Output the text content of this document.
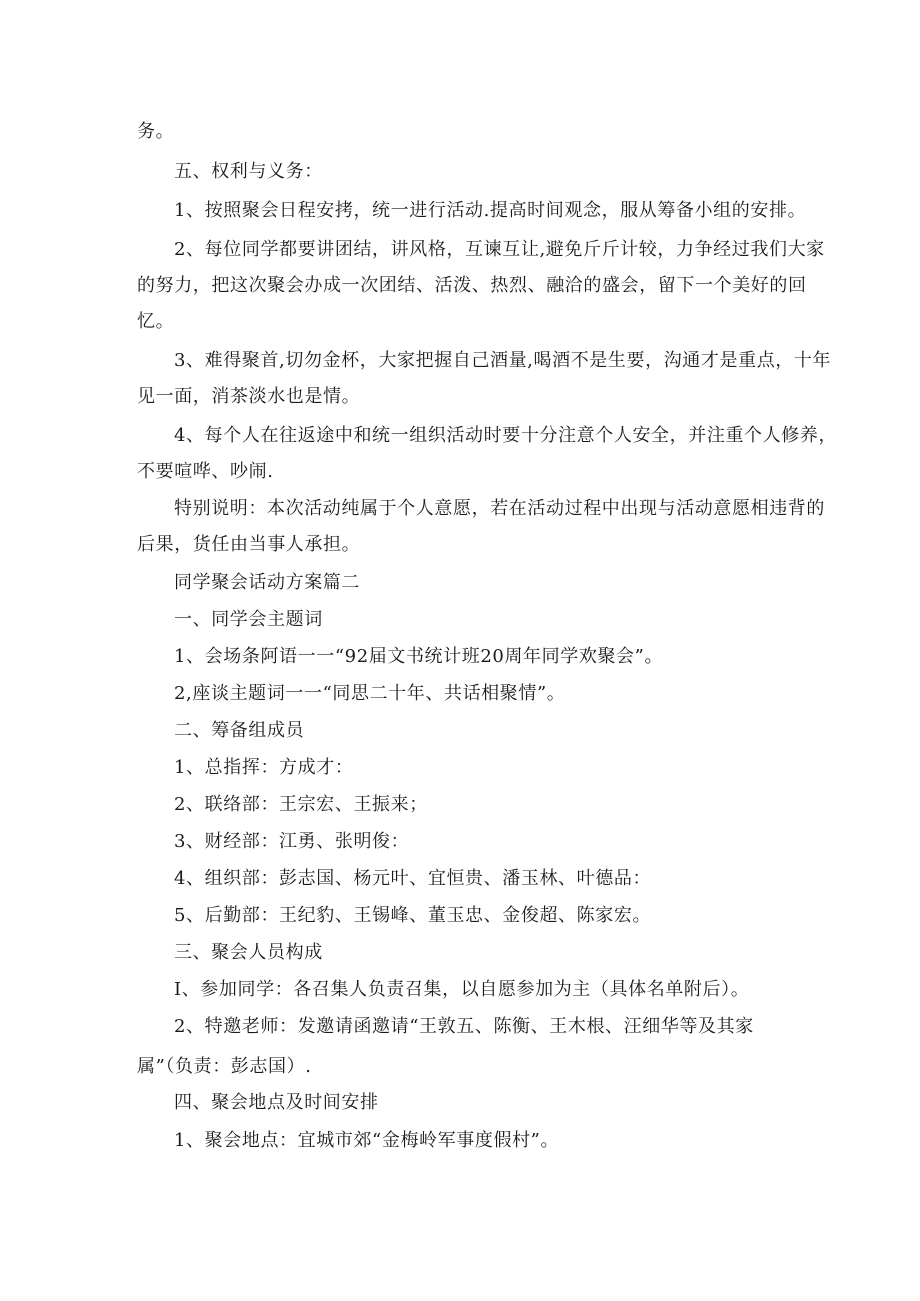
务。
五、权利与义务：
1、按照聚会日程安拷，统一进行活动.提高时间观念，服从筹备小组的安排。
2、每位同学都要讲团结，讲风格，互谏互让,避免斤斤计较，力争经过我们大家
的努力，把这次聚会办成一次团结、活泼、热烈、融洽的盛会，留下一个美好的回
忆。
3、难得聚首,切勿金杯，大家把握自己酒量,喝酒不是生要，沟通才是重点，十年
见一面，消茶淡水也是情。
4、每个人在往返途中和统一组织活动时要十分注意个人安全，并注重个人修养，
不要喧哗、吵闹.
特别说明：本次活动纯属于个人意愿，若在活动过程中出现与活动意愿相违背的
后果，货任由当事人承担。
同学聚会话动方案篇二
一、同学会主题词
1、会场条阿语一一“92届文书统计班20周年同学欢聚会”。
2,座谈主题词一一“同思二十年、共话相聚情”。
二、筹备组成员
1、总指挥：方成才：
2、联络部：王宗宏、王振来；
3、财经部：江勇、张明俊：
4、组织部：彭志国、杨元叶、宜恒贵、潘玉林、叶德品：
5、后勤部：王纪豹、王锡峰、董玉忠、金俊超、陈家宏。
三、聚会人员构成
I、参加同学：各召集人负责召集，以自愿参加为主（具体名单附后）。
2、特邀老师：发邀请函邀请“王敦五、陈衡、王木根、汪细华等及其家
属”（负责：彭志国）.
四、聚会地点及时间安排
1、聚会地点：宜城市郊“金梅岭军事度假村”。
